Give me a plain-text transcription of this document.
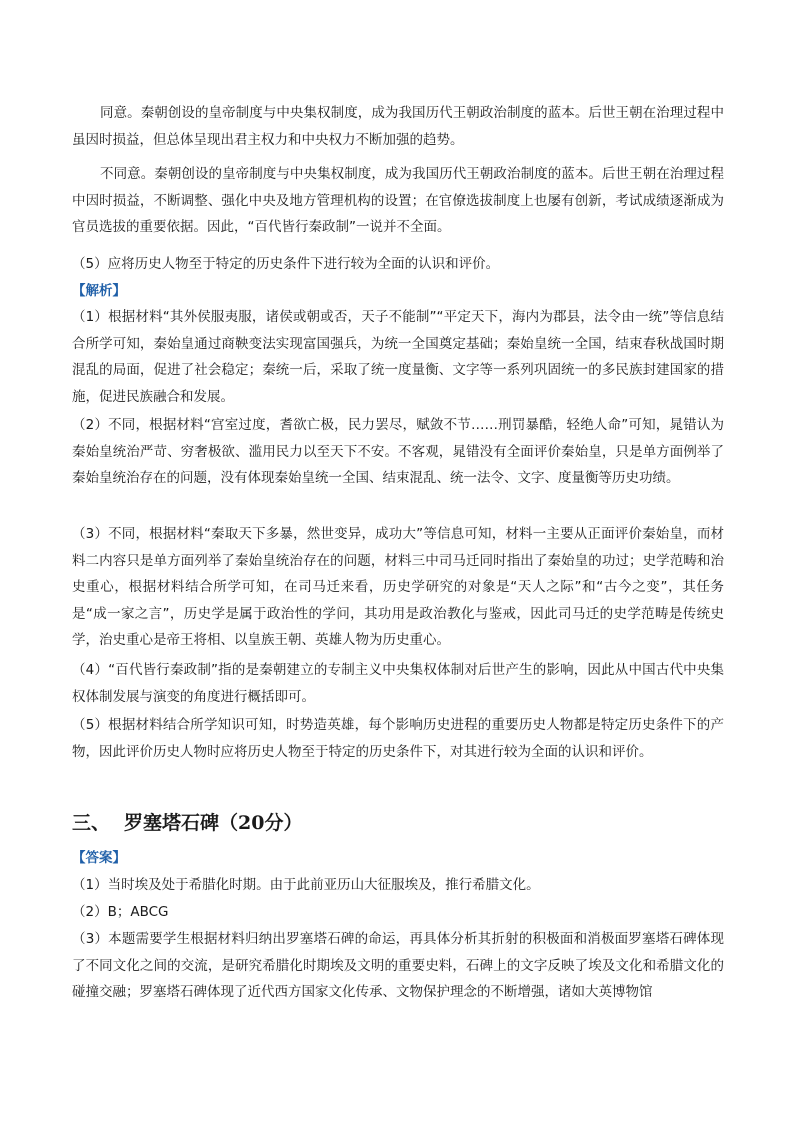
同意。秦朝创设的皇帝制度与中央集权制度，成为我国历代王朝政治制度的蓝本。后世王朝在治理过程中虽因时损益，但总体呈现出君主权力和中央权力不断加强的趋势。
不同意。秦朝创设的皇帝制度与中央集权制度，成为我国历代王朝政治制度的蓝本。后世王朝在治理过程中因时损益，不断调整、强化中央及地方管理机构的设置；在官僚选拔制度上也屡有创新，考试成绩逐渐成为官员选拔的重要依据。因此，“百代皆行秦政制”一说并不全面。
（5）应将历史人物至于特定的历史条件下进行较为全面的认识和评价。
【解析】
（1）根据材料“其外侯服夷服，诸侯或朝或否，天子不能制”“平定天下，海内为郡县，法令由一统”等信息结合所学可知，秦始皇通过商鞅变法实现富国强兵，为统一全国奠定基础；秦始皇统一全国，结束春秋战国时期混乱的局面，促进了社会稳定；秦统一后，采取了统一度量衡、文字等一系列巩固统一的多民族封建国家的措施，促进民族融合和发展。
（2）不同，根据材料“宫室过度，耆欲亡极，民力罢尽，赋敛不节……刑罚暴酷，轻绝人命”可知，晁错认为秦始皇统治严苛、穷奢极欲、滥用民力以至天下不安。不客观，晁错没有全面评价秦始皇，只是单方面例举了秦始皇统治存在的问题，没有体现秦始皇统一全国、结束混乱、统一法令、文字、度量衡等历史功绩。
（3）不同，根据材料“秦取天下多暴，然世变异，成功大”等信息可知，材料一主要从正面评价秦始皇，而材料二内容只是单方面列举了秦始皇统治存在的问题，材料三中司马迁同时指出了秦始皇的功过；史学范畴和治史重心，根据材料结合所学可知，在司马迁来看，历史学研究的对象是“天人之际”和“古今之变”，其任务是“成一家之言”，历史学是属于政治性的学问，其功用是政治教化与鉴戒，因此司马迁的史学范畴是传统史学，治史重心是帝王将相、以皇族王朝、英雄人物为历史重心。
（4）“百代皆行秦政制”指的是秦朝建立的专制主义中央集权体制对后世产生的影响，因此从中国古代中央集权体制发展与演变的角度进行概括即可。
（5）根据材料结合所学知识可知，时势造英雄，每个影响历史进程的重要历史人物都是特定历史条件下的产物，因此评价历史人物时应将历史人物至于特定的历史条件下，对其进行较为全面的认识和评价。
三、 罗塞塔石碑（20分）
【答案】
（1）当时埃及处于希腊化时期。由于此前亚历山大征服埃及，推行希腊文化。
（2）B；ABCG
（3）本题需要学生根据材料归纳出罗塞塔石碑的命运，再具体分析其折射的积极面和消极面罗塞塔石碑体现了不同文化之间的交流，是研究希腊化时期埃及文明的重要史料，石碑上的文字反映了埃及文化和希腊文化的碰撞交融；罗塞塔石碑体现了近代西方国家文化传承、文物保护理念的不断增强，诸如大英博物馆
